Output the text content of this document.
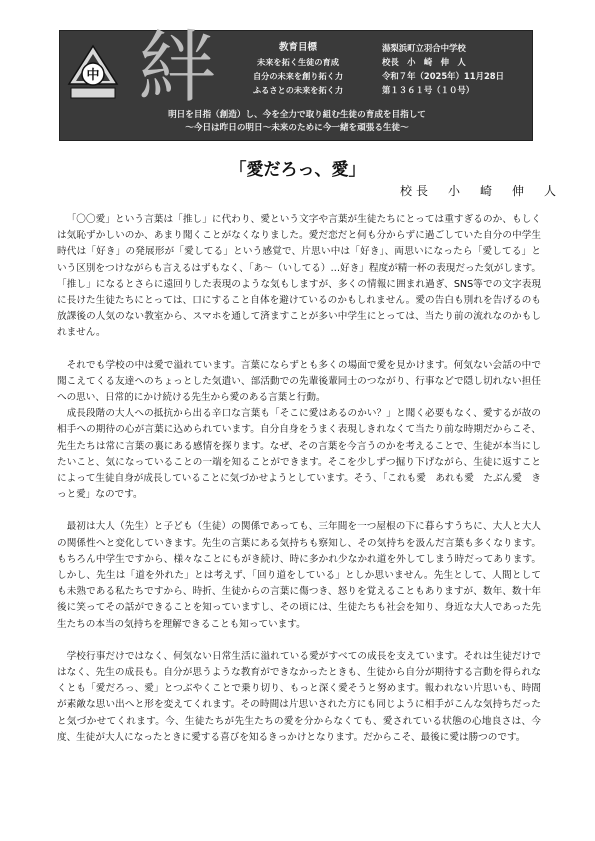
中 絆	教育目標
未来を拓く生徒の育成
自分の未来を創り拓く力
ふるさとの未来を拓く力
湯梨浜町立羽合中学校
校長　小　崎　伸　人
令和７年（2025年）11月28日
第１３６１号（１０号）
明日を目指（創造）し、今を全力で取り組む生徒の育成を目指して
～今日は昨日の明日～未来のために今一緒を頑張る生徒～
「愛だろっ、愛」
校長　小　崎　伸　人

「〇〇愛」という言葉は「推し」に代わり、愛という文字や言葉が生徒たちにとっては重すぎるのか、もしくは気恥ずかしいのか、あまり聞くことがなくなりました。愛だ恋だと何も分からずに過ごしていた自分の中学生時代は「好き」の発展形が「愛してる」という感覚で、片思い中は「好き」、両思いになったら「愛してる」という区別をつけながらも言えるはずもなく、「あ～（いしてる）…好き」程度が精一杯の表現だった気がします。「推し」になるとさらに遠回りした表現のような気もしますが、多くの情報に囲まれ過ぎ、SNS等での文字表現に長けた生徒たちにとっては、口にすること自体を避けているのかもしれません。愛の告白も別れを告げるのも放課後の人気のない教室から、スマホを通して済ますことが多い中学生にとっては、当たり前の流れなのかもしれません。

それでも学校の中は愛で溢れています。言葉にならずとも多くの場面で愛を見かけます。何気ない会話の中で聞こえてくる友達へのちょっとした気遣い、部活動での先輩後輩同士のつながり、行事などで隠し切れない担任への思い、日常的にかけ続ける先生から愛のある言葉と行動。

成長段階の大人への抵抗から出る辛口な言葉も「そこに愛はあるのかい？」と聞く必要もなく、愛するが故の相手への期待の心が言葉に込められています。自分自身をうまく表現しきれなくて当たり前な時期だからこそ、先生たちは常に言葉の裏にある感情を探ります。なぜ、その言葉を今言うのかを考えることで、生徒が本当にしたいこと、気になっていることの一端を知ることができます。そこを少しずつ掘り下げながら、生徒に返すことによって生徒自身が成長していることに気づかせようとしています。そう、「これも愛　あれも愛　たぶん愛　きっと愛」なのです。

最初は大人（先生）と子ども（生徒）の関係であっても、三年間を一つ屋根の下に暮らすうちに、大人と大人の関係性へと変化していきます。先生の言葉にある気持ちも察知し、その気持ちを汲んだ言葉も多くなります。もちろん中学生ですから、様々なことにもがき続け、時に多かれ少なかれ道を外してしまう時だってあります。しかし、先生は「道を外れた」とは考えず、「回り道をしている」としか思いません。先生として、人間としても未熟である私たちですから、時折、生徒からの言葉に傷つき、怒りを覚えることもありますが、数年、数十年後に笑ってその話ができることを知っていますし、その頃には、生徒たちも社会を知り、身近な大人であった先生たちの本当の気持ちを理解できることも知っています。

学校行事だけではなく、何気ない日常生活に溢れている愛がすべての成長を支えています。それは生徒だけではなく、先生の成長も。自分が思うような教育ができなかったときも、生徒から自分が期待する言動を得られなくとも「愛だろっ、愛」とつぶやくことで乗り切り、もっと深く愛そうと努めます。報われない片思いも、時間が素敵な思い出へと形を変えてくれます。その時間は片思いされた方にも同じように相手がこんな気持ちだったと気づかせてくれます。今、生徒たちが先生たちの愛を分からなくても、愛されている状態の心地良さは、今度、生徒が大人になったときに愛する喜びを知るきっかけとなります。だからこそ、最後に愛は勝つのです。
